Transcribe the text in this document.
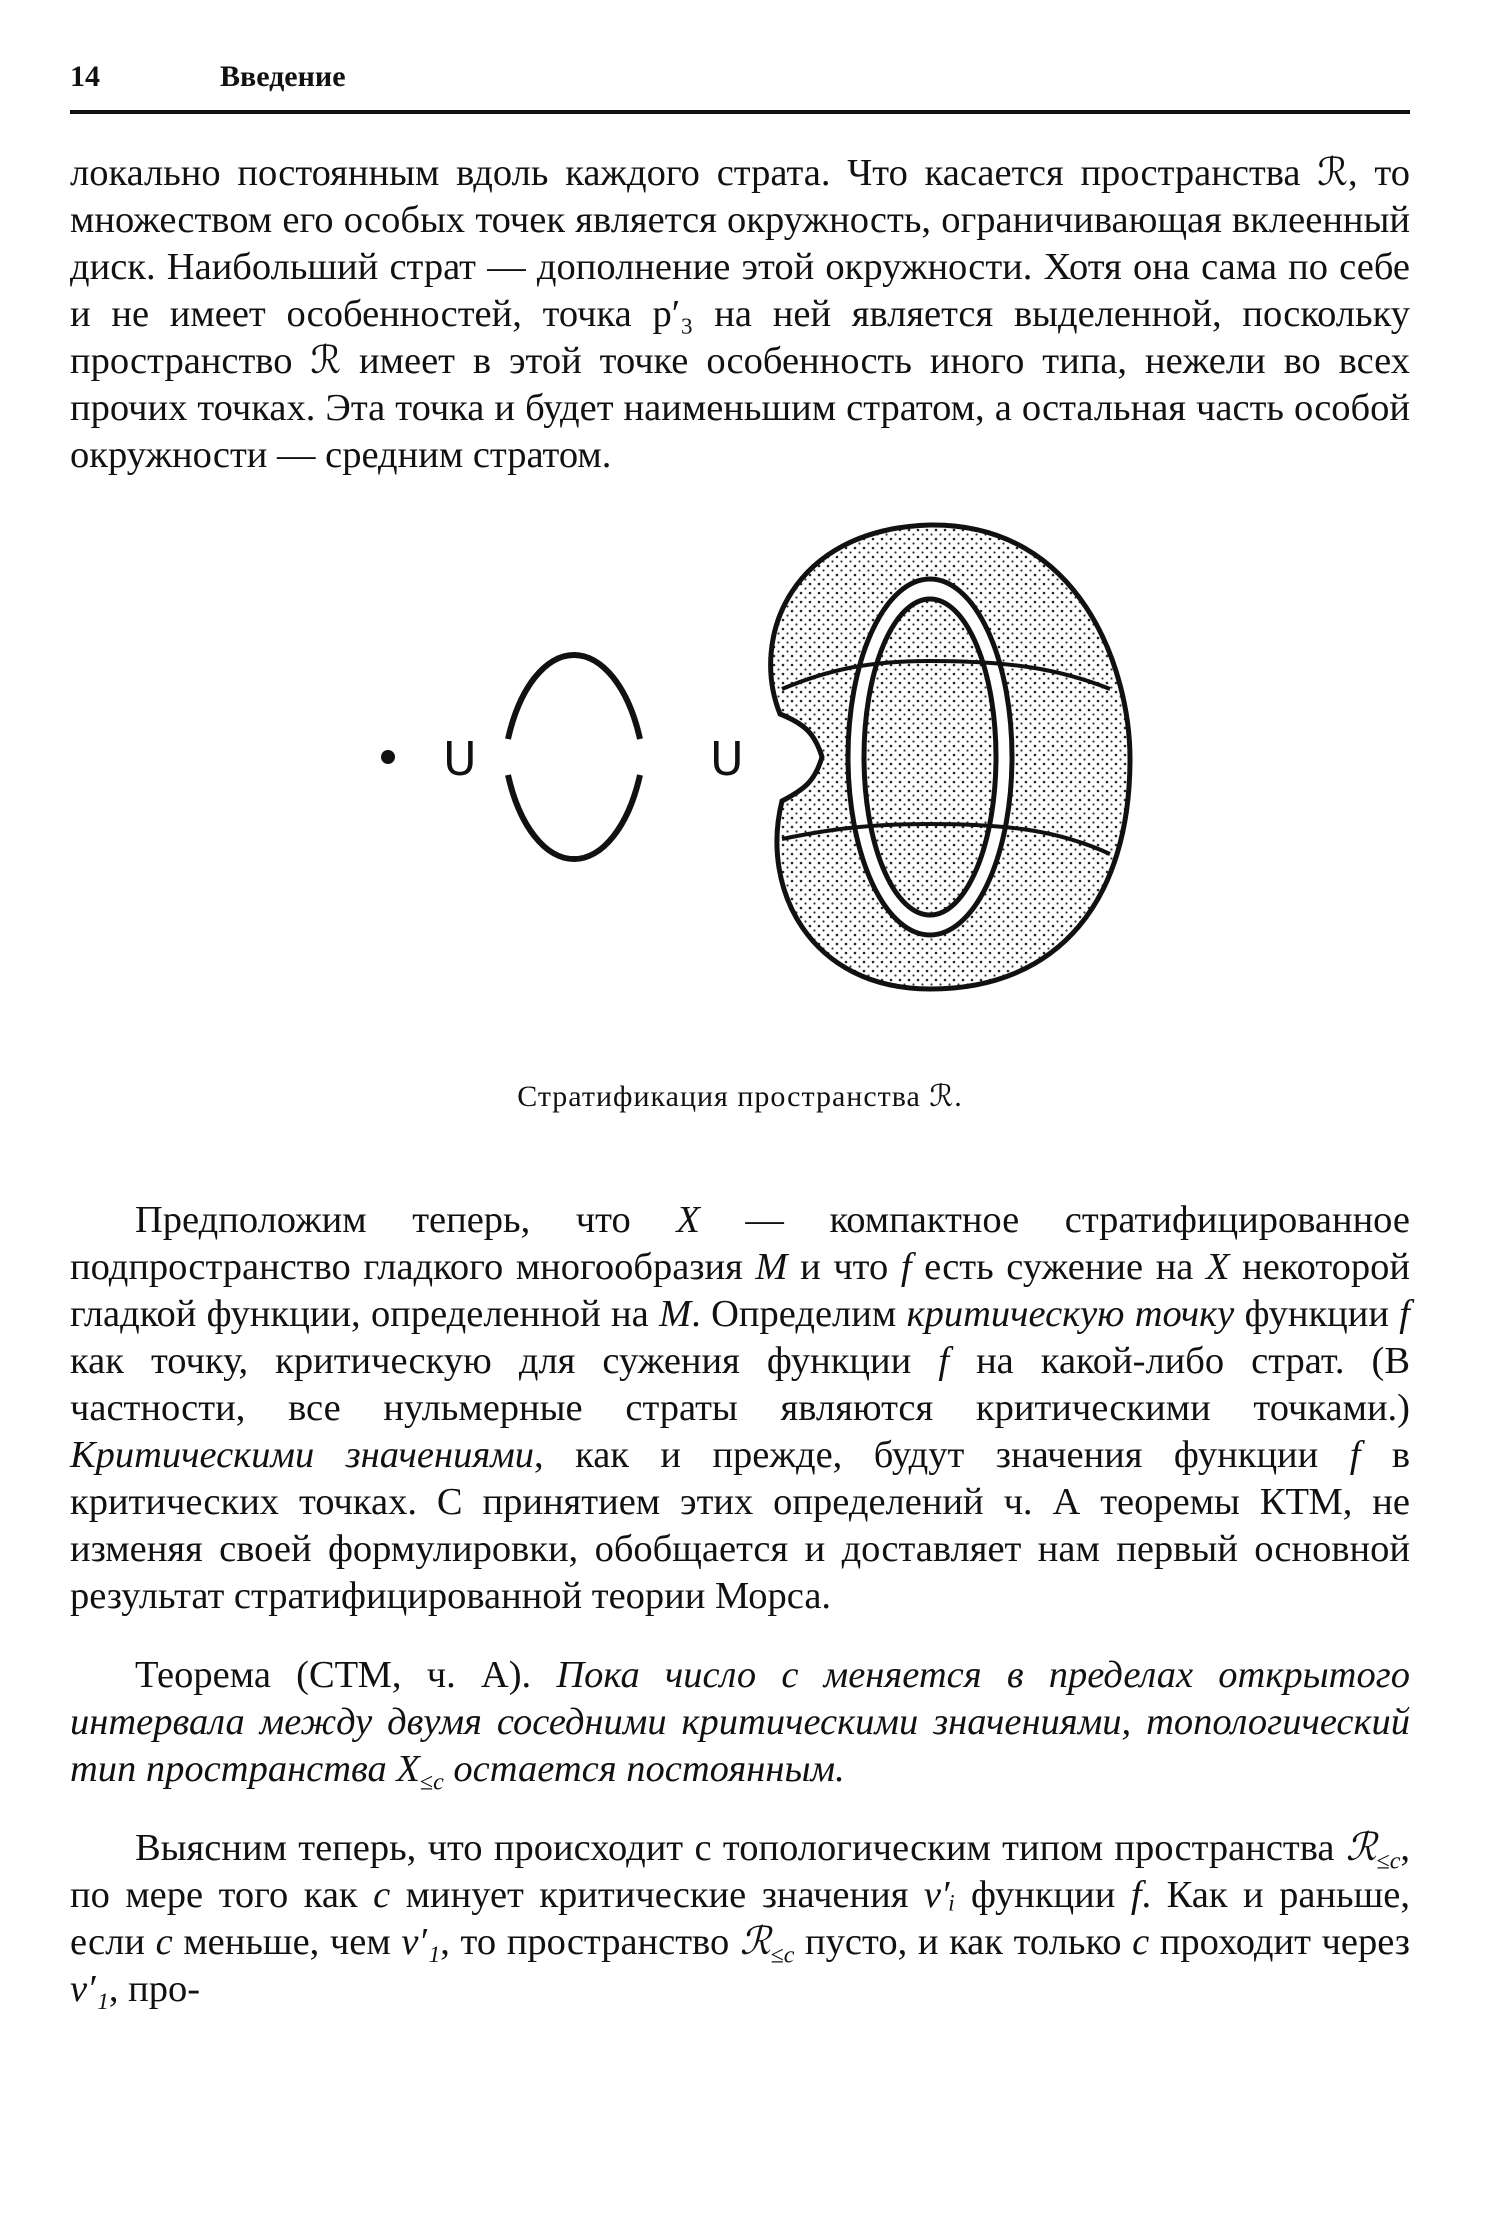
14	Введение

локально постоянным вдоль каждого страта. Что касается пространства ℛ, то множеством его особых точек является окружность, ограничивающая вклеенный диск. Наибольший страт — дополнение этой окружности. Хотя она сама по себе и не имеет особенностей, точка p′₃ на ней является выделенной, поскольку пространство ℛ имеет в этой точке особенность иного типа, нежели во всех прочих точках. Эта точка и будет наименьшим стратом, а остальная часть особой окружности — средним стратом.

U	U
Стратификация пространства ℛ.

Предположим теперь, что X — компактное стратифицированное подпространство гладкого многообразия M и что f есть сужение на X некоторой гладкой функции, определенной на M. Определим критическую точку функции f как точку, критическую для сужения функции f на какой-либо страт. (В частности, все нульмерные страты являются критическими точками.) Критическими значениями, как и прежде, будут значения функции f в критических точках. С принятием этих определений ч. А теоремы КТМ, не изменяя своей формулировки, обобщается и доставляет нам первый основной результат стратифицированной теории Морса.

Теорема (СТМ, ч. А). Пока число c меняется в пределах открытого интервала между двумя соседними критическими значениями, топологический тип пространства $X_{\le c}$ остается постоянным.

Выясним теперь, что происходит с топологическим типом пространства ℛ$_{\le c}$, по мере того как c минует критические значения v′ᵢ функции f. Как и раньше, если c меньше, чем v′₁, то пространство ℛ$_{\le c}$ пусто, и как только c проходит через v′₁, про-
